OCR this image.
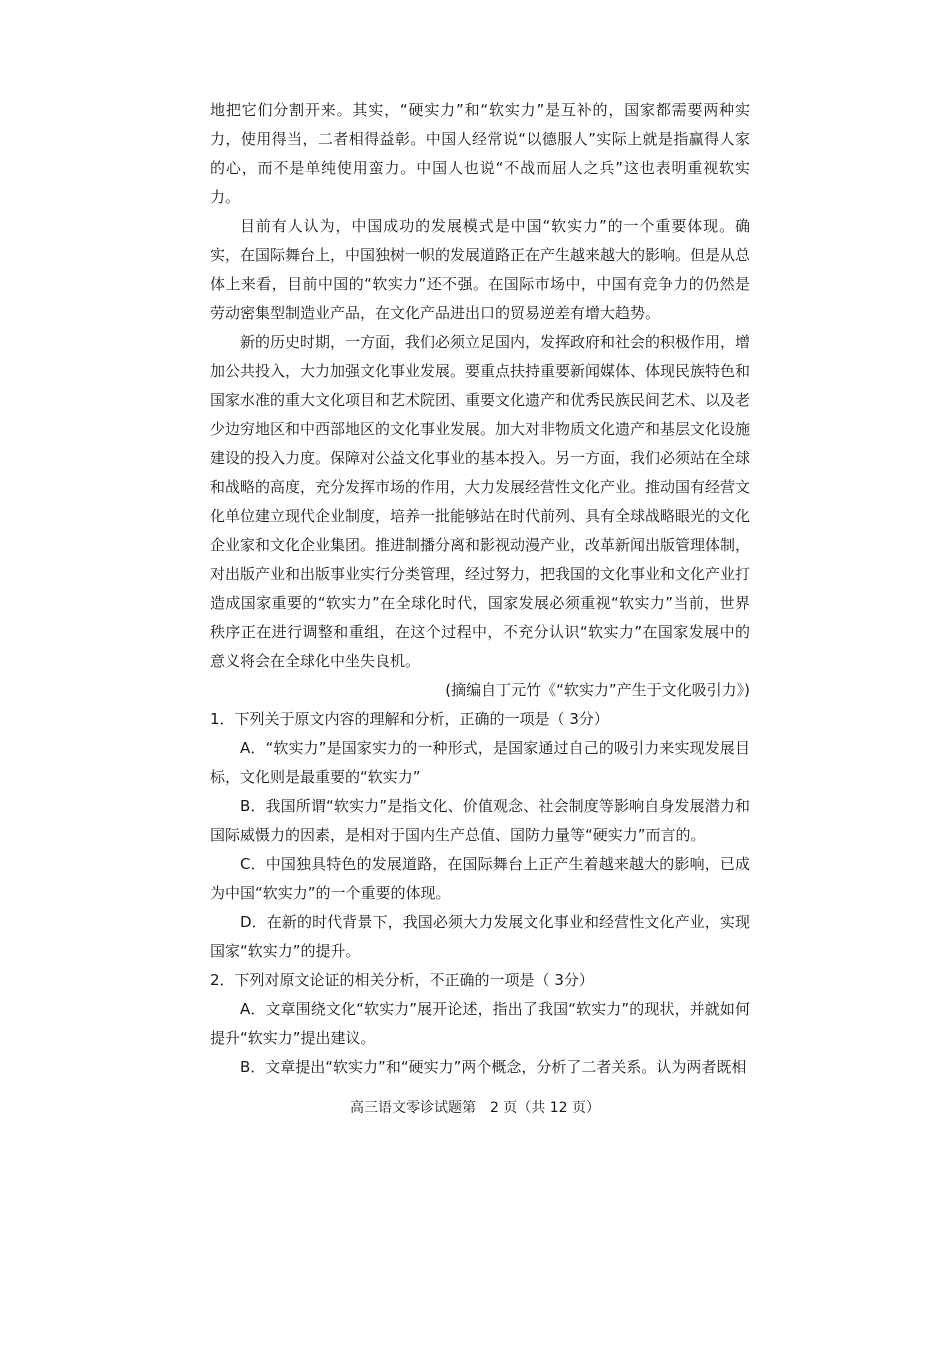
地把它们分割开来。其实，“硬实力”和“软实力”是互补的，国家都需要两种实力，使用得当，二者相得益彰。中国人经常说“以德服人”实际上就是指赢得人家的心，而不是单纯使用蛮力。中国人也说“不战而屈人之兵”这也表明重视软实力。

目前有人认为，中国成功的发展模式是中国“软实力”的一个重要体现。确实，在国际舞台上，中国独树一帜的发展道路正在产生越来越大的影响。但是从总体上来看，目前中国的“软实力”还不强。在国际市场中，中国有竞争力的仍然是劳动密集型制造业产品，在文化产品进出口的贸易逆差有增大趋势。

新的历史时期，一方面，我们必须立足国内，发挥政府和社会的积极作用，增加公共投入，大力加强文化事业发展。要重点扶持重要新闻媒体、体现民族特色和国家水准的重大文化项目和艺术院团、重要文化遗产和优秀民族民间艺术、以及老少边穷地区和中西部地区的文化事业发展。加大对非物质文化遗产和基层文化设施建设的投入力度。保障对公益文化事业的基本投入。另一方面，我们必须站在全球和战略的高度，充分发挥市场的作用，大力发展经营性文化产业。推动国有经营文化单位建立现代企业制度，培养一批能够站在时代前列、具有全球战略眼光的文化企业家和文化企业集团。推进制播分离和影视动漫产业，改革新闻出版管理体制，对出版产业和出版事业实行分类管理，经过努力，把我国的文化事业和文化产业打造成国家重要的“软实力”在全球化时代，国家发展必须重视“软实力”当前，世界秩序正在进行调整和重组，在这个过程中，不充分认识“软实力”在国家发展中的意义将会在全球化中坐失良机。

(摘编自丁元竹《“软实力”产生于文化吸引力》)

1．下列关于原文内容的理解和分析，正确的一项是（ 3分）

A．“软实力”是国家实力的一种形式，是国家通过自己的吸引力来实现发展目标，文化则是最重要的“软实力”

B．我国所谓“软实力”是指文化、价值观念、社会制度等影响自身发展潜力和国际威慑力的因素，是相对于国内生产总值、国防力量等“硬实力”而言的。

C．中国独具特色的发展道路，在国际舞台上正产生着越来越大的影响，已成为中国“软实力”的一个重要的体现。

D．在新的时代背景下，我国必须大力发展文化事业和经营性文化产业，实现国家“软实力”的提升。

2．下列对原文论证的相关分析，不正确的一项是（ 3分）

A．文章围绕文化“软实力”展开论述，指出了我国“软实力”的现状，并就如何提升“软实力”提出建议。

B．文章提出“软实力”和“硬实力”两个概念，分析了二者关系。认为两者既相

高三语文零诊试题第　2 页（共 12 页）
